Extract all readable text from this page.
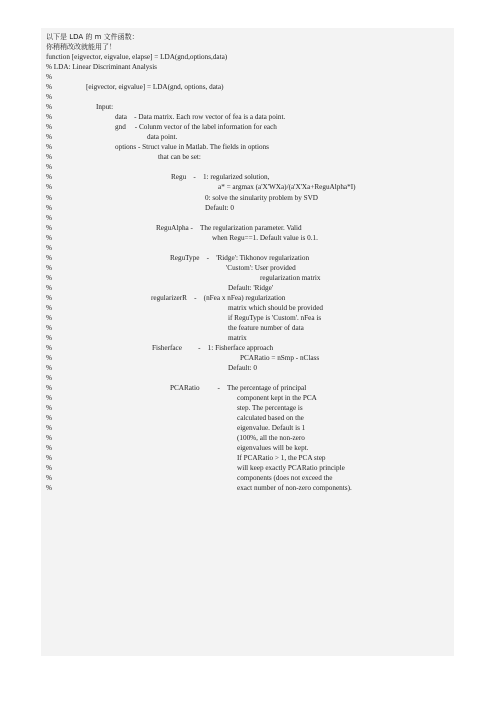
以下是 LDA 的 m 文件函数：
你稍稍改改就能用了！
function [eigvector, eigvalue, elapse] = LDA(gnd,options,data)
% LDA: Linear Discriminant Analysis
%
%	[eigvector, eigvalue] = LDA(gnd, options, data)
%
%	Input:
%	data    - Data matrix. Each row vector of fea is a data point.
%	gnd     - Colunm vector of the label information for each
%	data point.
%	options - Struct value in Matlab. The fields in options
%	that can be set:
%
%	Regu    -    1: regularized solution,
%	a* = argmax (a'X'WXa)/(a'X'Xa+ReguAlpha*I)
%	0: solve the sinularity problem by SVD
%	Default: 0
%
%	ReguAlpha -    The regularization parameter. Valid
%	when Regu==1. Default value is 0.1.
%
%	ReguType    -    'Ridge': Tikhonov regularization
%	'Custom': User provided
%	regularization matrix
%	Default: 'Ridge'
%	regularizerR    -    (nFea x nFea) regularization
%	matrix which should be provided
%	if ReguType is 'Custom'. nFea is
%	the feature number of data
%	matrix
%	Fisherface         -    1: Fisherface approach
%	PCARatio = nSmp - nClass
%	Default: 0
%
%	PCARatio          -    The percentage of principal
%	component kept in the PCA
%	step. The percentage is
%	calculated based on the
%	eigenvalue. Default is 1
%	(100%, all the non-zero
%	eigenvalues will be kept.
%	If PCARatio > 1, the PCA step
%	will keep exactly PCARatio principle
%	components (does not exceed the
%	exact number of non-zero components).
